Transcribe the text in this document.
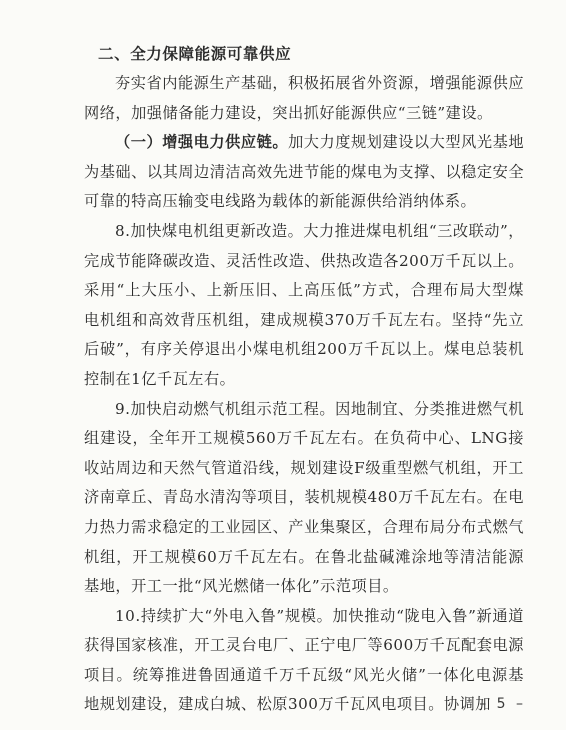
二、全力保障能源可靠供应

夯实省内能源生产基础，积极拓展省外资源，增强能源供应网络，加强储备能力建设，突出抓好能源供应“三链”建设。

（一）增强电力供应链。加大力度规划建设以大型风光基地为基础、以其周边清洁高效先进节能的煤电为支撑、以稳定安全可靠的特高压输变电线路为载体的新能源供给消纳体系。

8.加快煤电机组更新改造。大力推进煤电机组“三改联动”，完成节能降碳改造、灵活性改造、供热改造各200万千瓦以上。采用“上大压小、上新压旧、上高压低”方式，合理布局大型煤电机组和高效背压机组，建成规模370万千瓦左右。坚持“先立后破”，有序关停退出小煤电机组200万千瓦以上。煤电总装机控制在1亿千瓦左右。

9.加快启动燃气机组示范工程。因地制宜、分类推进燃气机组建设，全年开工规模560万千瓦左右。在负荷中心、LNG接收站周边和天然气管道沿线，规划建设F级重型燃气机组，开工济南章丘、青岛水清沟等项目，装机规模480万千瓦左右。在电力热力需求稳定的工业园区、产业集聚区，合理布局分布式燃气机组，开工规模60万千瓦左右。在鲁北盐碱滩涂地等清洁能源基地，开工一批“风光燃储一体化”示范项目。

10.持续扩大“外电入鲁”规模。加快推动“陇电入鲁”新通道获得国家核准，开工灵台电厂、正宁电厂等600万千瓦配套电源项目。统筹推进鲁固通道千万千瓦级“风光火储”一体化电源基地规划建设，建成白城、松原300万千瓦风电项目。协调加

– 5 –
